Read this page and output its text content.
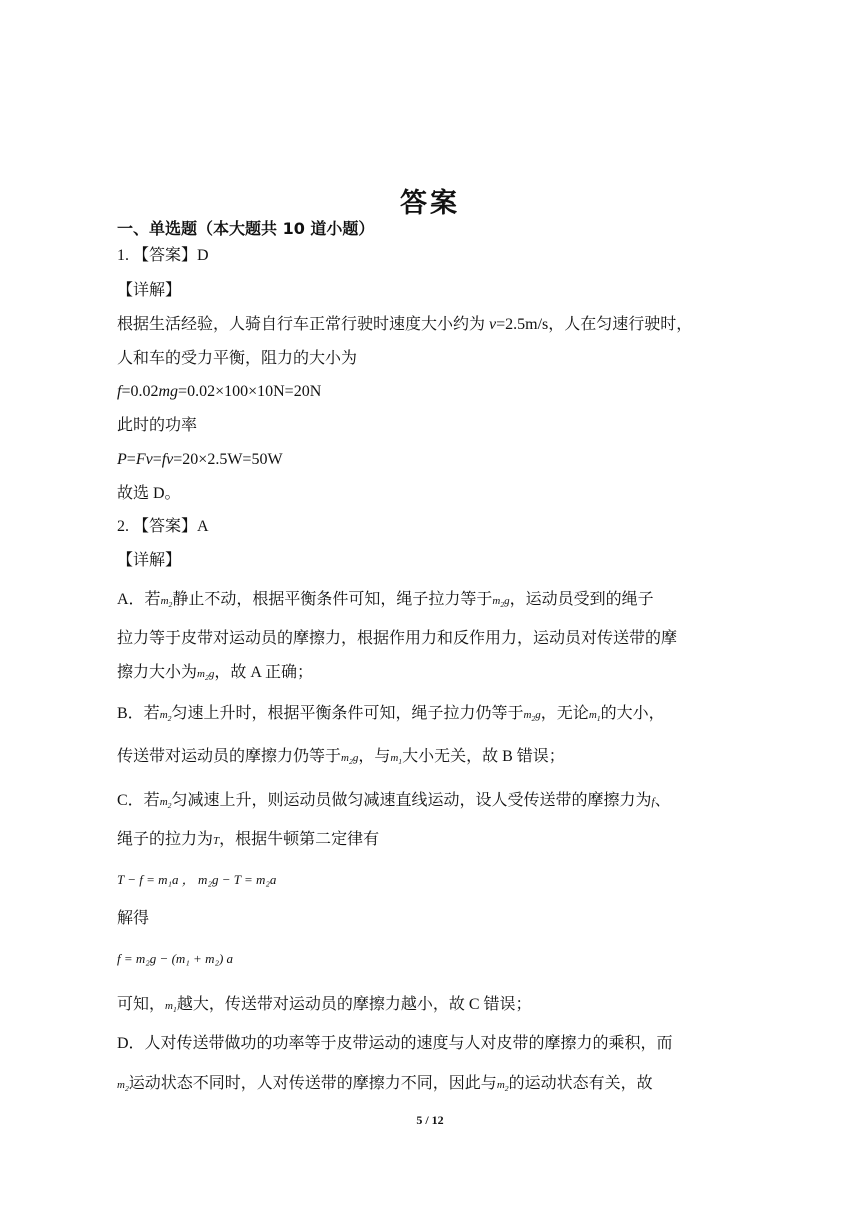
答案
一、单选题（本大题共 10 道小题）
1. 【答案】D
【详解】
根据生活经验，人骑自行车正常行驶时速度大小约为 v=2.5m/s，人在匀速行驶时，
人和车的受力平衡，阻力的大小为
f=0.02mg=0.02×100×10N=20N
此时的功率
P=Fv=fv=20×2.5W=50W
故选 D。
2. 【答案】A
【详解】
A．若$m_2$静止不动，根据平衡条件可知，绳子拉力等于$m_2g$，运动员受到的绳子
拉力等于皮带对运动员的摩擦力，根据作用力和反作用力，运动员对传送带的摩
擦力大小为$m_2g$，故 A 正确；
B．若$m_2$匀速上升时，根据平衡条件可知，绳子拉力仍等于$m_2g$，无论$m_1$的大小，
传送带对运动员的摩擦力仍等于$m_2g$，与$m_1$大小无关，故 B 错误；
C．若$m_2$匀减速上升，则运动员做匀减速直线运动，设人受传送带的摩擦力为f、
绳子的拉力为T，根据牛顿第二定律有
T − f = m₁a ， m₂g − T = m₂a
解得
f = m₂g − (m₁ + m₂) a
可知，$m_1$越大，传送带对运动员的摩擦力越小，故 C 错误；
D．人对传送带做功的功率等于皮带运动的速度与人对皮带的摩擦力的乘积，而
$m_2$运动状态不同时，人对传送带的摩擦力不同，因此与$m_2$的运动状态有关，故
5 / 12
